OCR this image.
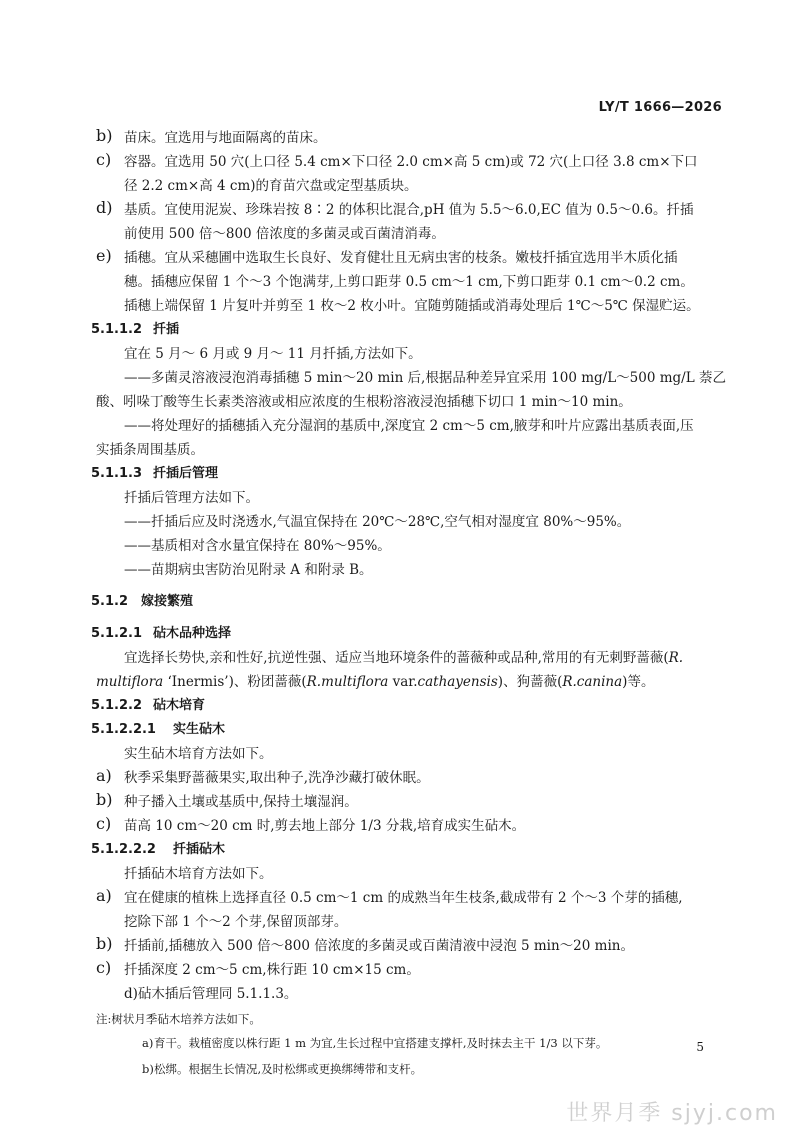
LY/T 1666—2026
b) 苗床。宜选用与地面隔离的苗床。
c) 容器。宜选用 50 穴(上口径 5.4 cm×下口径 2.0 cm×高 5 cm)或 72 穴(上口径 3.8 cm×下口
径 2.2 cm×高 4 cm)的育苗穴盘或定型基质块。
d) 基质。宜使用泥炭、珍珠岩按 8∶2 的体积比混合,pH 值为 5.5～6.0,EC 值为 0.5～0.6。扦插
前使用 500 倍～800 倍浓度的多菌灵或百菌清消毒。
e) 插穗。宜从采穗圃中选取生长良好、发育健壮且无病虫害的枝条。嫩枝扦插宜选用半木质化插
穗。插穗应保留 1 个～3 个饱满芽,上剪口距芽 0.5 cm～1 cm,下剪口距芽 0.1 cm～0.2 cm。
插穗上端保留 1 片复叶并剪至 1 枚～2 枚小叶。宜随剪随插或消毒处理后 1℃～5℃ 保湿贮运。
5.1.1.2 扦插
宜在 5 月～ 6 月或 9 月～ 11 月扦插,方法如下。
——多菌灵溶液浸泡消毒插穗 5 min～20 min 后,根据品种差异宜采用 100 mg/L～500 mg/L 萘乙
酸、吲哚丁酸等生长素类溶液或相应浓度的生根粉溶液浸泡插穗下切口 1 min～10 min。
——将处理好的插穗插入充分湿润的基质中,深度宜 2 cm～5 cm,腋芽和叶片应露出基质表面,压
实插条周围基质。
5.1.1.3 扦插后管理
扦插后管理方法如下。
——扦插后应及时浇透水,气温宜保持在 20℃～28℃,空气相对湿度宜 80%～95%。
——基质相对含水量宜保持在 80%～95%。
——苗期病虫害防治见附录 A 和附录 B。
5.1.2 嫁接繁殖
5.1.2.1 砧木品种选择
宜选择长势快,亲和性好,抗逆性强、适应当地环境条件的蔷薇种或品种,常用的有无刺野蔷薇(R.
multiflora ‘Inermis’)、粉团蔷薇(R.multiflora var.cathayensis)、狗蔷薇(R.canina)等。
5.1.2.2 砧木培育
5.1.2.2.1 实生砧木
实生砧木培育方法如下。
a) 秋季采集野蔷薇果实,取出种子,洗净沙藏打破休眠。
b) 种子播入土壤或基质中,保持土壤湿润。
c) 苗高 10 cm～20 cm 时,剪去地上部分 1/3 分栽,培育成实生砧木。
5.1.2.2.2 扦插砧木
扦插砧木培育方法如下。
a) 宜在健康的植株上选择直径 0.5 cm～1 cm 的成熟当年生枝条,截成带有 2 个～3 个芽的插穗,
挖除下部 1 个～2 个芽,保留顶部芽。
b) 扦插前,插穗放入 500 倍～800 倍浓度的多菌灵或百菌清液中浸泡 5 min～20 min。
c) 扦插深度 2 cm～5 cm,株行距 10 cm×15 cm。
d)砧木插后管理同 5.1.1.3。
注:树状月季砧木培养方法如下。
a) 育干。栽植密度以株行距 1 m 为宜,生长过程中宜搭建支撑杆,及时抹去主干 1/3 以下芽。
b) 松绑。根据生长情况,及时松绑或更换绑缚带和支杆。
5
世界月季 sjyj.com
